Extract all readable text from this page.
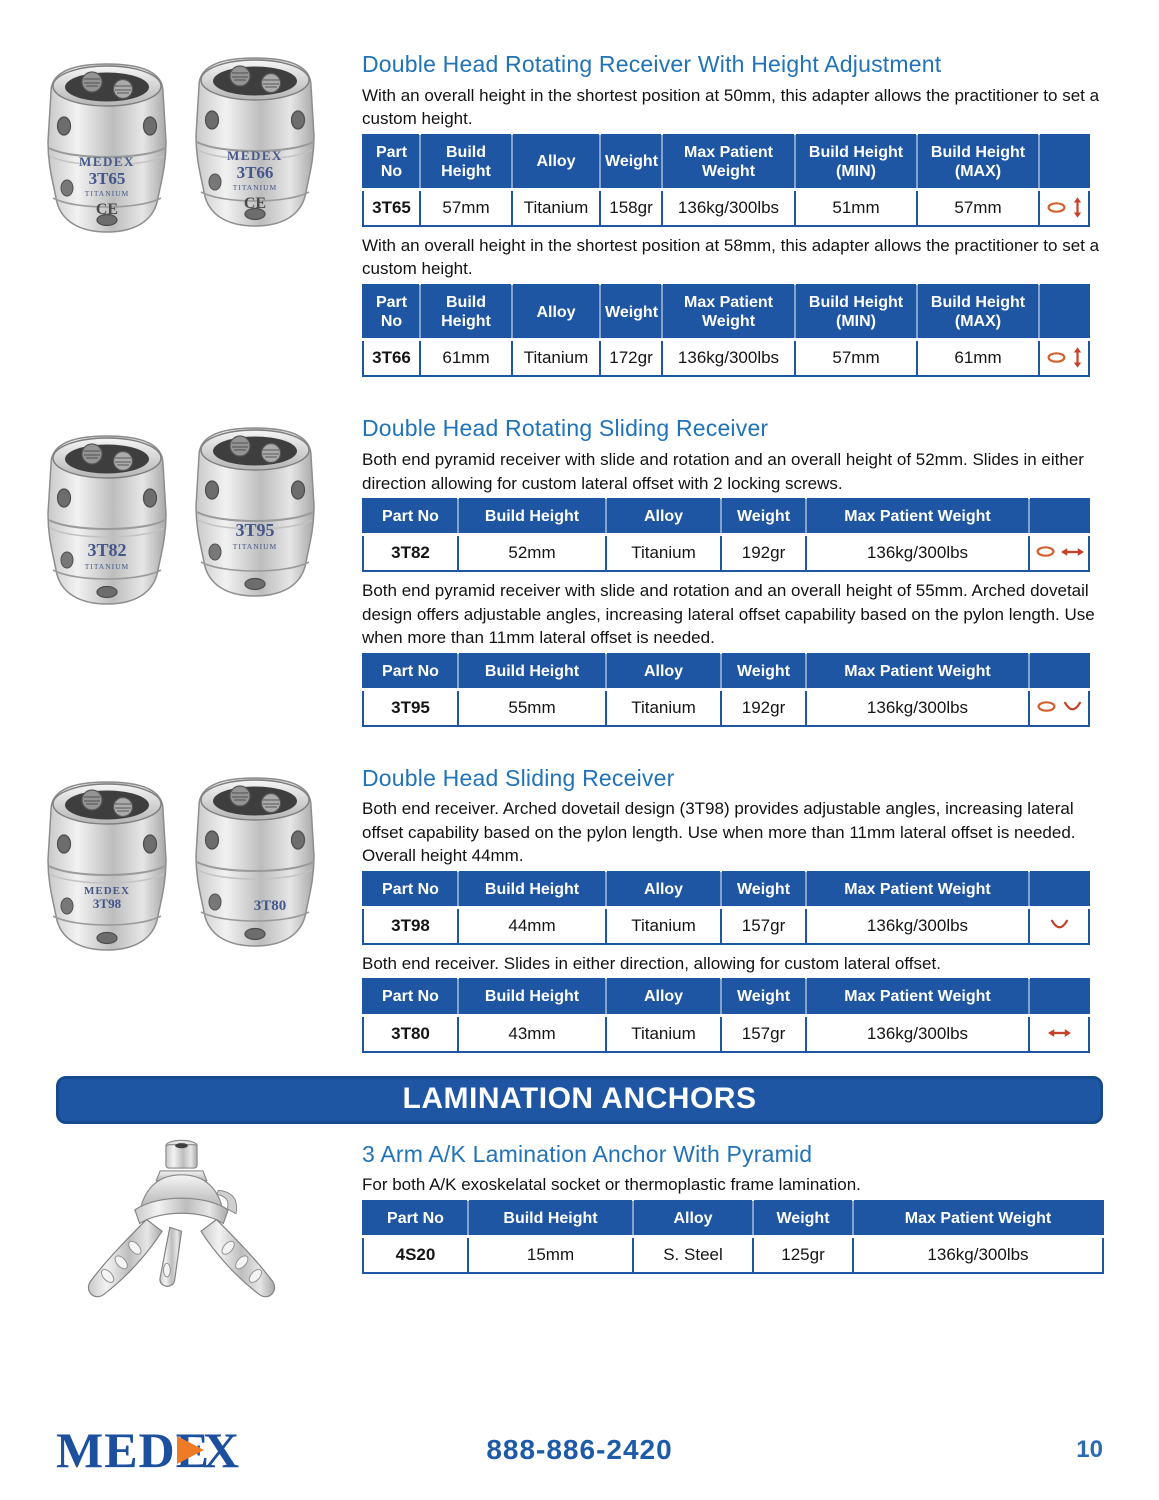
MEDEX
3T65
TITANIUM
CE
MEDEX
3T66
TITANIUM
CE
Double Head Rotating Receiver With Height Adjustment

With an overall height in the shortest position at 50mm, this adapter allows the practitioner to set a custom height.

Part No	Build Height	Alloy	Weight	Max Patient Weight	Build Height (MIN)	Build Height (MAX)	
3T65	57mm	Titanium	158gr	136kg/300lbs	51mm	57mm	

With an overall height in the shortest position at 58mm, this adapter allows the practitioner to set a custom height.

Part No	Build Height	Alloy	Weight	Max Patient Weight	Build Height (MIN)	Build Height (MAX)	
3T66	61mm	Titanium	172gr	136kg/300lbs	57mm	61mm	
3T82
TITANIUM
3T95
TITANIUM
Double Head Rotating Sliding Receiver

Both end pyramid receiver with slide and rotation and an overall height of 52mm. Slides in either direction allowing for custom lateral offset with 2 locking screws.

Part No	Build Height	Alloy	Weight	Max Patient Weight	
3T82	52mm	Titanium	192gr	136kg/300lbs	

Both end pyramid receiver with slide and rotation and an overall height of 55mm. Arched dovetail design offers adjustable angles, increasing lateral offset capability based on the pylon length. Use when more than 11mm lateral offset is needed.

Part No	Build Height	Alloy	Weight	Max Patient Weight	
3T95	55mm	Titanium	192gr	136kg/300lbs	
MEDEX
3T98	3T80
Double Head Sliding Receiver

Both end receiver. Arched dovetail design (3T98) provides adjustable angles, increasing lateral offset capability based on the pylon length. Use when more than 11mm lateral offset is needed. Overall height 44mm.

Part No	Build Height	Alloy	Weight	Max Patient Weight	
3T98	44mm	Titanium	157gr	136kg/300lbs	

Both end receiver. Slides in either direction, allowing for custom lateral offset.

Part No	Build Height	Alloy	Weight	Max Patient Weight	
3T80	43mm	Titanium	157gr	136kg/300lbs	
LAMINATION ANCHORS
3 Arm A/K Lamination Anchor With Pyramid

For both A/K exoskelatal socket or thermoplastic frame lamination.

Part No	Build Height	Alloy	Weight	Max Patient Weight
4S20	15mm	S. Steel	125gr	136kg/300lbs
MEDE
X	888-886-2420	10
